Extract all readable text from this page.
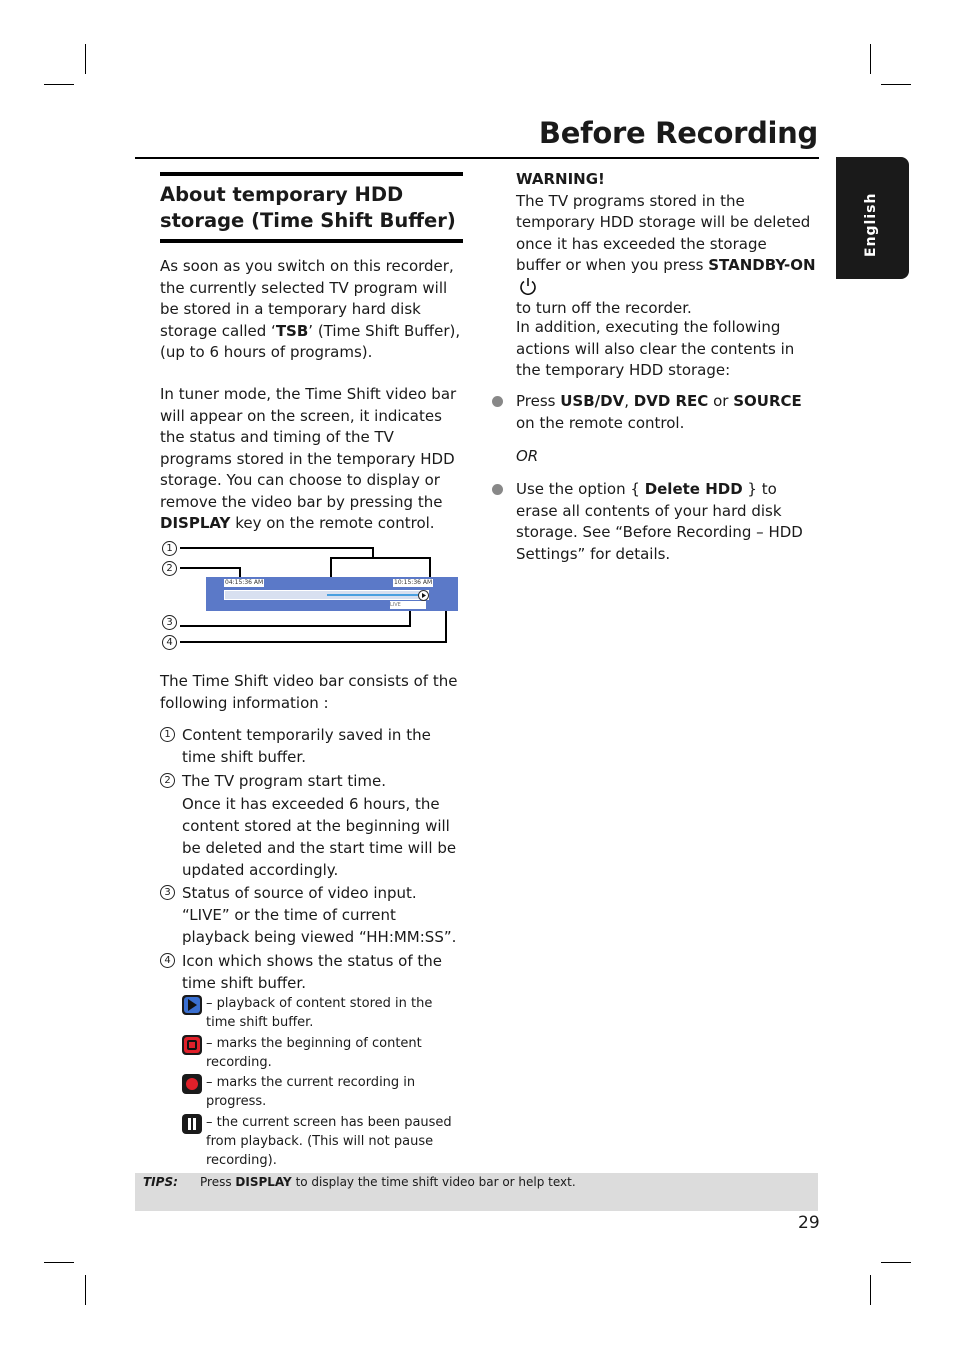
Before Recording
English
About temporary HDD storage (Time Shift Buffer)

As soon as you switch on this recorder, the currently selected TV program will be stored in a temporary hard disk storage called ‘TSB’ (Time Shift Buffer), (up to 6 hours of programs).

In tuner mode, the Time Shift video bar will appear on the screen, it indicates the status and timing of the TV programs stored in the temporary HDD storage. You can choose to display or remove the video bar by pressing the DISPLAY key on the remote control.

1
2
3
4
04:15:36 AM	10:15:36 AM
LIVE

The Time Shift video bar consists of the following information :

1 Content temporarily saved in the time shift buffer.
2 The TV program start time.
Once it has exceeded 6 hours, the content stored at the beginning will be deleted and the start time will be updated accordingly.
3 Status of source of video input.
“LIVE” or the time of current playback being viewed “HH:MM:SS”.
4 Icon which shows the status of the time shift buffer.
– playback of content stored in the time shift buffer.
– marks the beginning of content recording.
– marks the current recording in progress.
– the current screen has been paused from playback. (This will not pause recording).

WARNING!

The TV programs stored in the temporary HDD storage will be deleted once it has exceeded the storage buffer or when you press STANDBY-ON
to turn off the recorder.

In addition, executing the following actions will also clear the contents in the temporary HDD storage:

Press USB/DV, DVD REC or SOURCE on the remote control.

OR

Use the option { Delete HDD } to erase all contents of your hard disk storage. See “Before Recording – HDD Settings” for details.

TIPS: Press DISPLAY to display the time shift video bar or help text.
29
